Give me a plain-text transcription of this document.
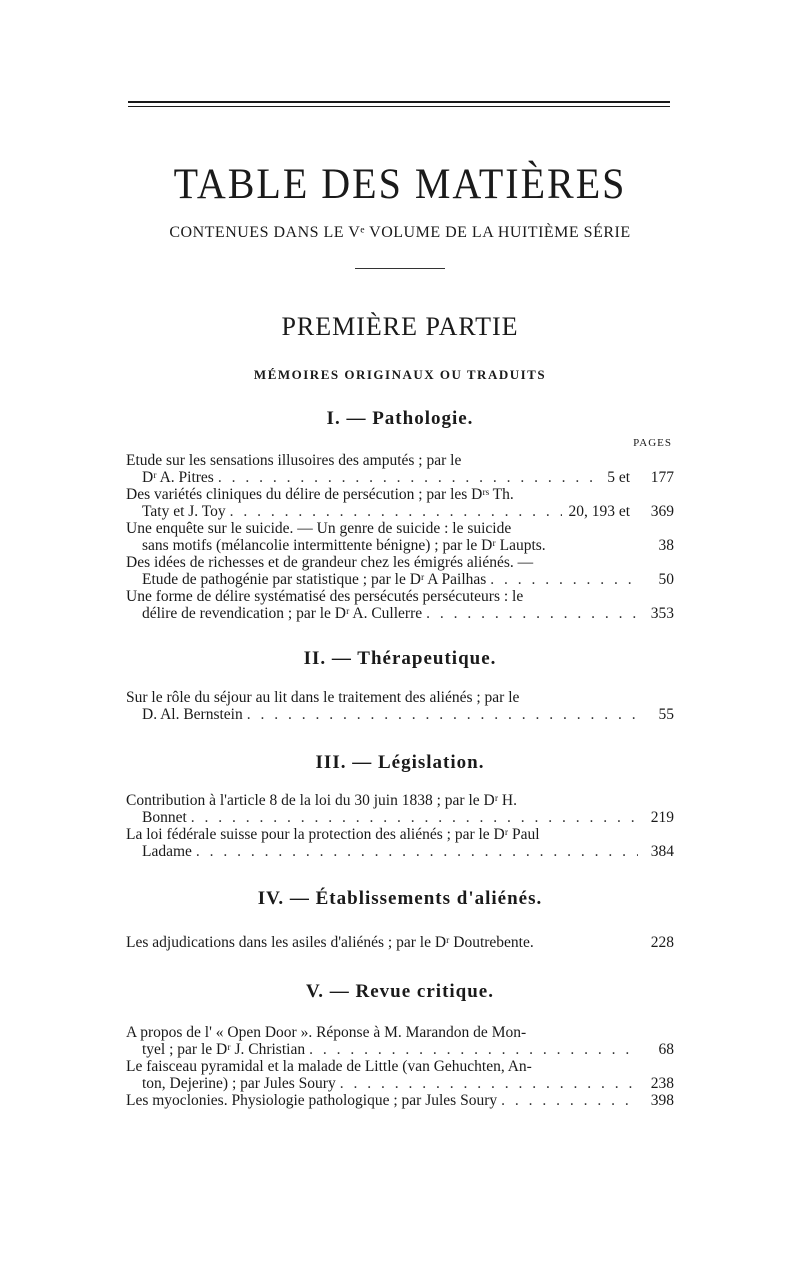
TABLE DES MATIÈRES
CONTENUES DANS LE Vᵉ VOLUME DE LA HUITIÈME SÉRIE
PREMIÈRE PARTIE
MÉMOIRES ORIGINAUX OU TRADUITS
I. — Pathologie.
PAGES
Etude sur les sensations illusoires des amputés ; par le
Dʳ A. Pitres . . .	5 et	177
Des variétés cliniques du délire de persécution ; par les Dʳˢ Th.
Taty et J. Toy . . .	20, 193 et	369
Une enquête sur le suicide. — Un genre de suicide : le suicide
sans motifs (mélancolie intermittente bénigne) ; par le Dʳ Laupts.	38
Des idées de richesses et de grandeur chez les émigrés aliénés. —
Etude de pathogénie par statistique ; par le Dʳ A Pailhas . . .	50
Une forme de délire systématisé des persécutés persécuteurs : le
délire de revendication ; par le Dʳ A. Cullerre . . .	353
II. — Thérapeutique.
Sur le rôle du séjour au lit dans le traitement des aliénés ; par le
D. Al. Bernstein . . .	55
III. — Législation.
Contribution à l'article 8 de la loi du 30 juin 1838 ; par le Dʳ H.
Bonnet . . .	219
La loi fédérale suisse pour la protection des aliénés ; par le Dʳ Paul
Ladame . . .	384
IV. — Établissements d'aliénés.
Les adjudications dans les asiles d'aliénés ; par le Dʳ Doutrebente.	228
V. — Revue critique.
A propos de l' « Open Door ». Réponse à M. Marandon de Mon-
tyel ; par le Dʳ J. Christian . . .	68
Le faisceau pyramidal et la malade de Little (van Gehuchten, An-
ton, Dejerine) ; par Jules Soury . . .	238
Les myoclonies. Physiologie pathologique ; par Jules Soury . . .	398
